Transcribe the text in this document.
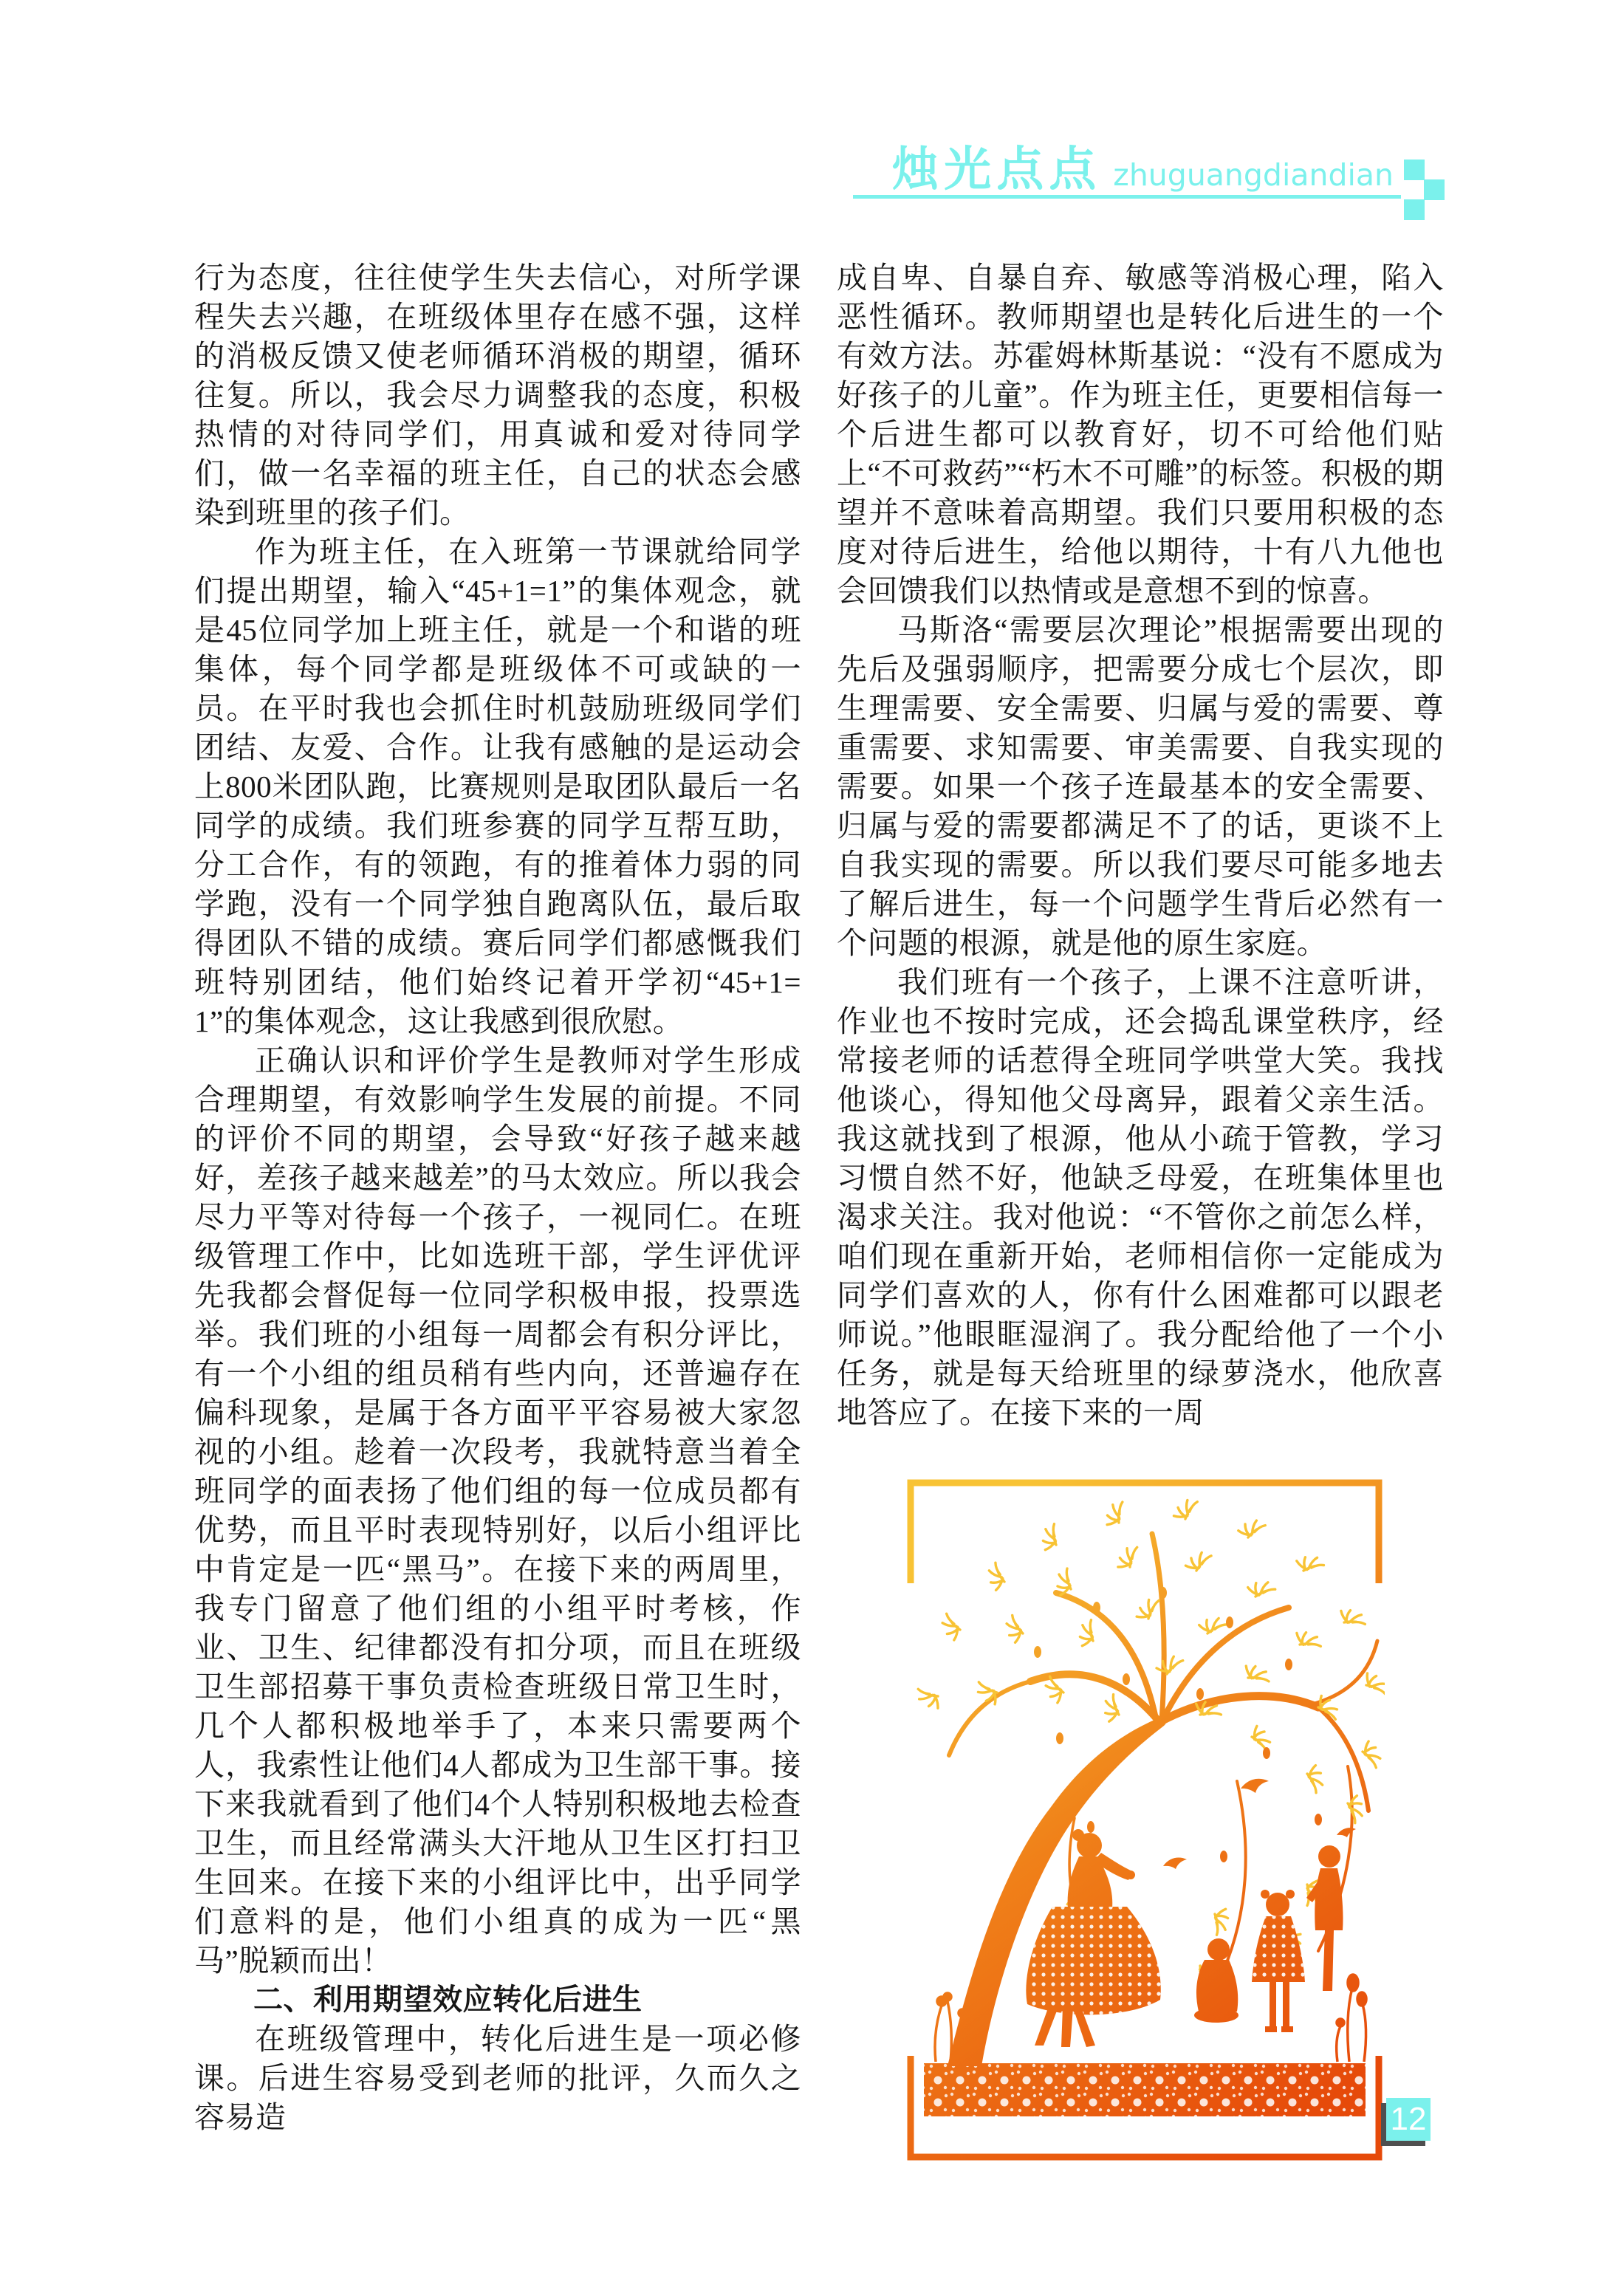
烛光点点 zhuguangdiandian

行为态度，往往使学生失去信心，对所学课程失去兴趣，在班级体里存在感不强，这样的消极反馈又使老师循环消极的期望，循环往复。所以，我会尽力调整我的态度，积极热情的对待同学们，用真诚和爱对待同学们，做一名幸福的班主任，自己的状态会感染到班里的孩子们。

作为班主任，在入班第一节课就给同学们提出期望，输入“45+1=1”的集体观念，就是45位同学加上班主任，就是一个和谐的班集体，每个同学都是班级体不可或缺的一员。在平时我也会抓住时机鼓励班级同学们团结、友爱、合作。让我有感触的是运动会上800米团队跑，比赛规则是取团队最后一名同学的成绩。我们班参赛的同学互帮互助，分工合作，有的领跑，有的推着体力弱的同学跑，没有一个同学独自跑离队伍，最后取得团队不错的成绩。赛后同学们都感慨我们班特别团结，他们始终记着开学初“45+1=1”的集体观念，这让我感到很欣慰。

正确认识和评价学生是教师对学生形成合理期望，有效影响学生发展的前提。不同的评价不同的期望，会导致“好孩子越来越好，差孩子越来越差”的马太效应。所以我会尽力平等对待每一个孩子，一视同仁。在班级管理工作中，比如选班干部，学生评优评先我都会督促每一位同学积极申报，投票选举。我们班的小组每一周都会有积分评比，有一个小组的组员稍有些内向，还普遍存在偏科现象，是属于各方面平平容易被大家忽视的小组。趁着一次段考，我就特意当着全班同学的面表扬了他们组的每一位成员都有优势，而且平时表现特别好，以后小组评比中肯定是一匹“黑马”。在接下来的两周里，我专门留意了他们组的小组平时考核，作业、卫生、纪律都没有扣分项，而且在班级卫生部招募干事负责检查班级日常卫生时，几个人都积极地举手了，本来只需要两个人，我索性让他们4人都成为卫生部干事。接下来我就看到了他们4个人特别积极地去检查卫生，而且经常满头大汗地从卫生区打扫卫生回来。在接下来的小组评比中，出乎同学们意料的是，他们小组真的成为一匹“黑马”脱颖而出！

二、利用期望效应转化后进生

在班级管理中，转化后进生是一项必修课。后进生容易受到老师的批评，久而久之容易造

成自卑、自暴自弃、敏感等消极心理，陷入恶性循环。教师期望也是转化后进生的一个有效方法。苏霍姆林斯基说：“没有不愿成为好孩子的儿童”。作为班主任，更要相信每一个后进生都可以教育好，切不可给他们贴上“不可救药”“朽木不可雕”的标签。积极的期望并不意味着高期望。我们只要用积极的态度对待后进生，给他以期待，十有八九他也会回馈我们以热情或是意想不到的惊喜。

马斯洛“需要层次理论”根据需要出现的先后及强弱顺序，把需要分成七个层次，即生理需要、安全需要、归属与爱的需要、尊重需要、求知需要、审美需要、自我实现的需要。如果一个孩子连最基本的安全需要、归属与爱的需要都满足不了的话，更谈不上自我实现的需要。所以我们要尽可能多地去了解后进生，每一个问题学生背后必然有一个问题的根源，就是他的原生家庭。

我们班有一个孩子，上课不注意听讲，作业也不按时完成，还会捣乱课堂秩序，经常接老师的话惹得全班同学哄堂大笑。我找他谈心，得知他父母离异，跟着父亲生活。我这就找到了根源，他从小疏于管教，学习习惯自然不好，他缺乏母爱，在班集体里也渴求关注。我对他说：“不管你之前怎么样，咱们现在重新开始，老师相信你一定能成为同学们喜欢的人，你有什么困难都可以跟老师说。”他眼眶湿润了。我分配给他了一个小任务，就是每天给班里的绿萝浇水，他欣喜地答应了。在接下来的一周

12
